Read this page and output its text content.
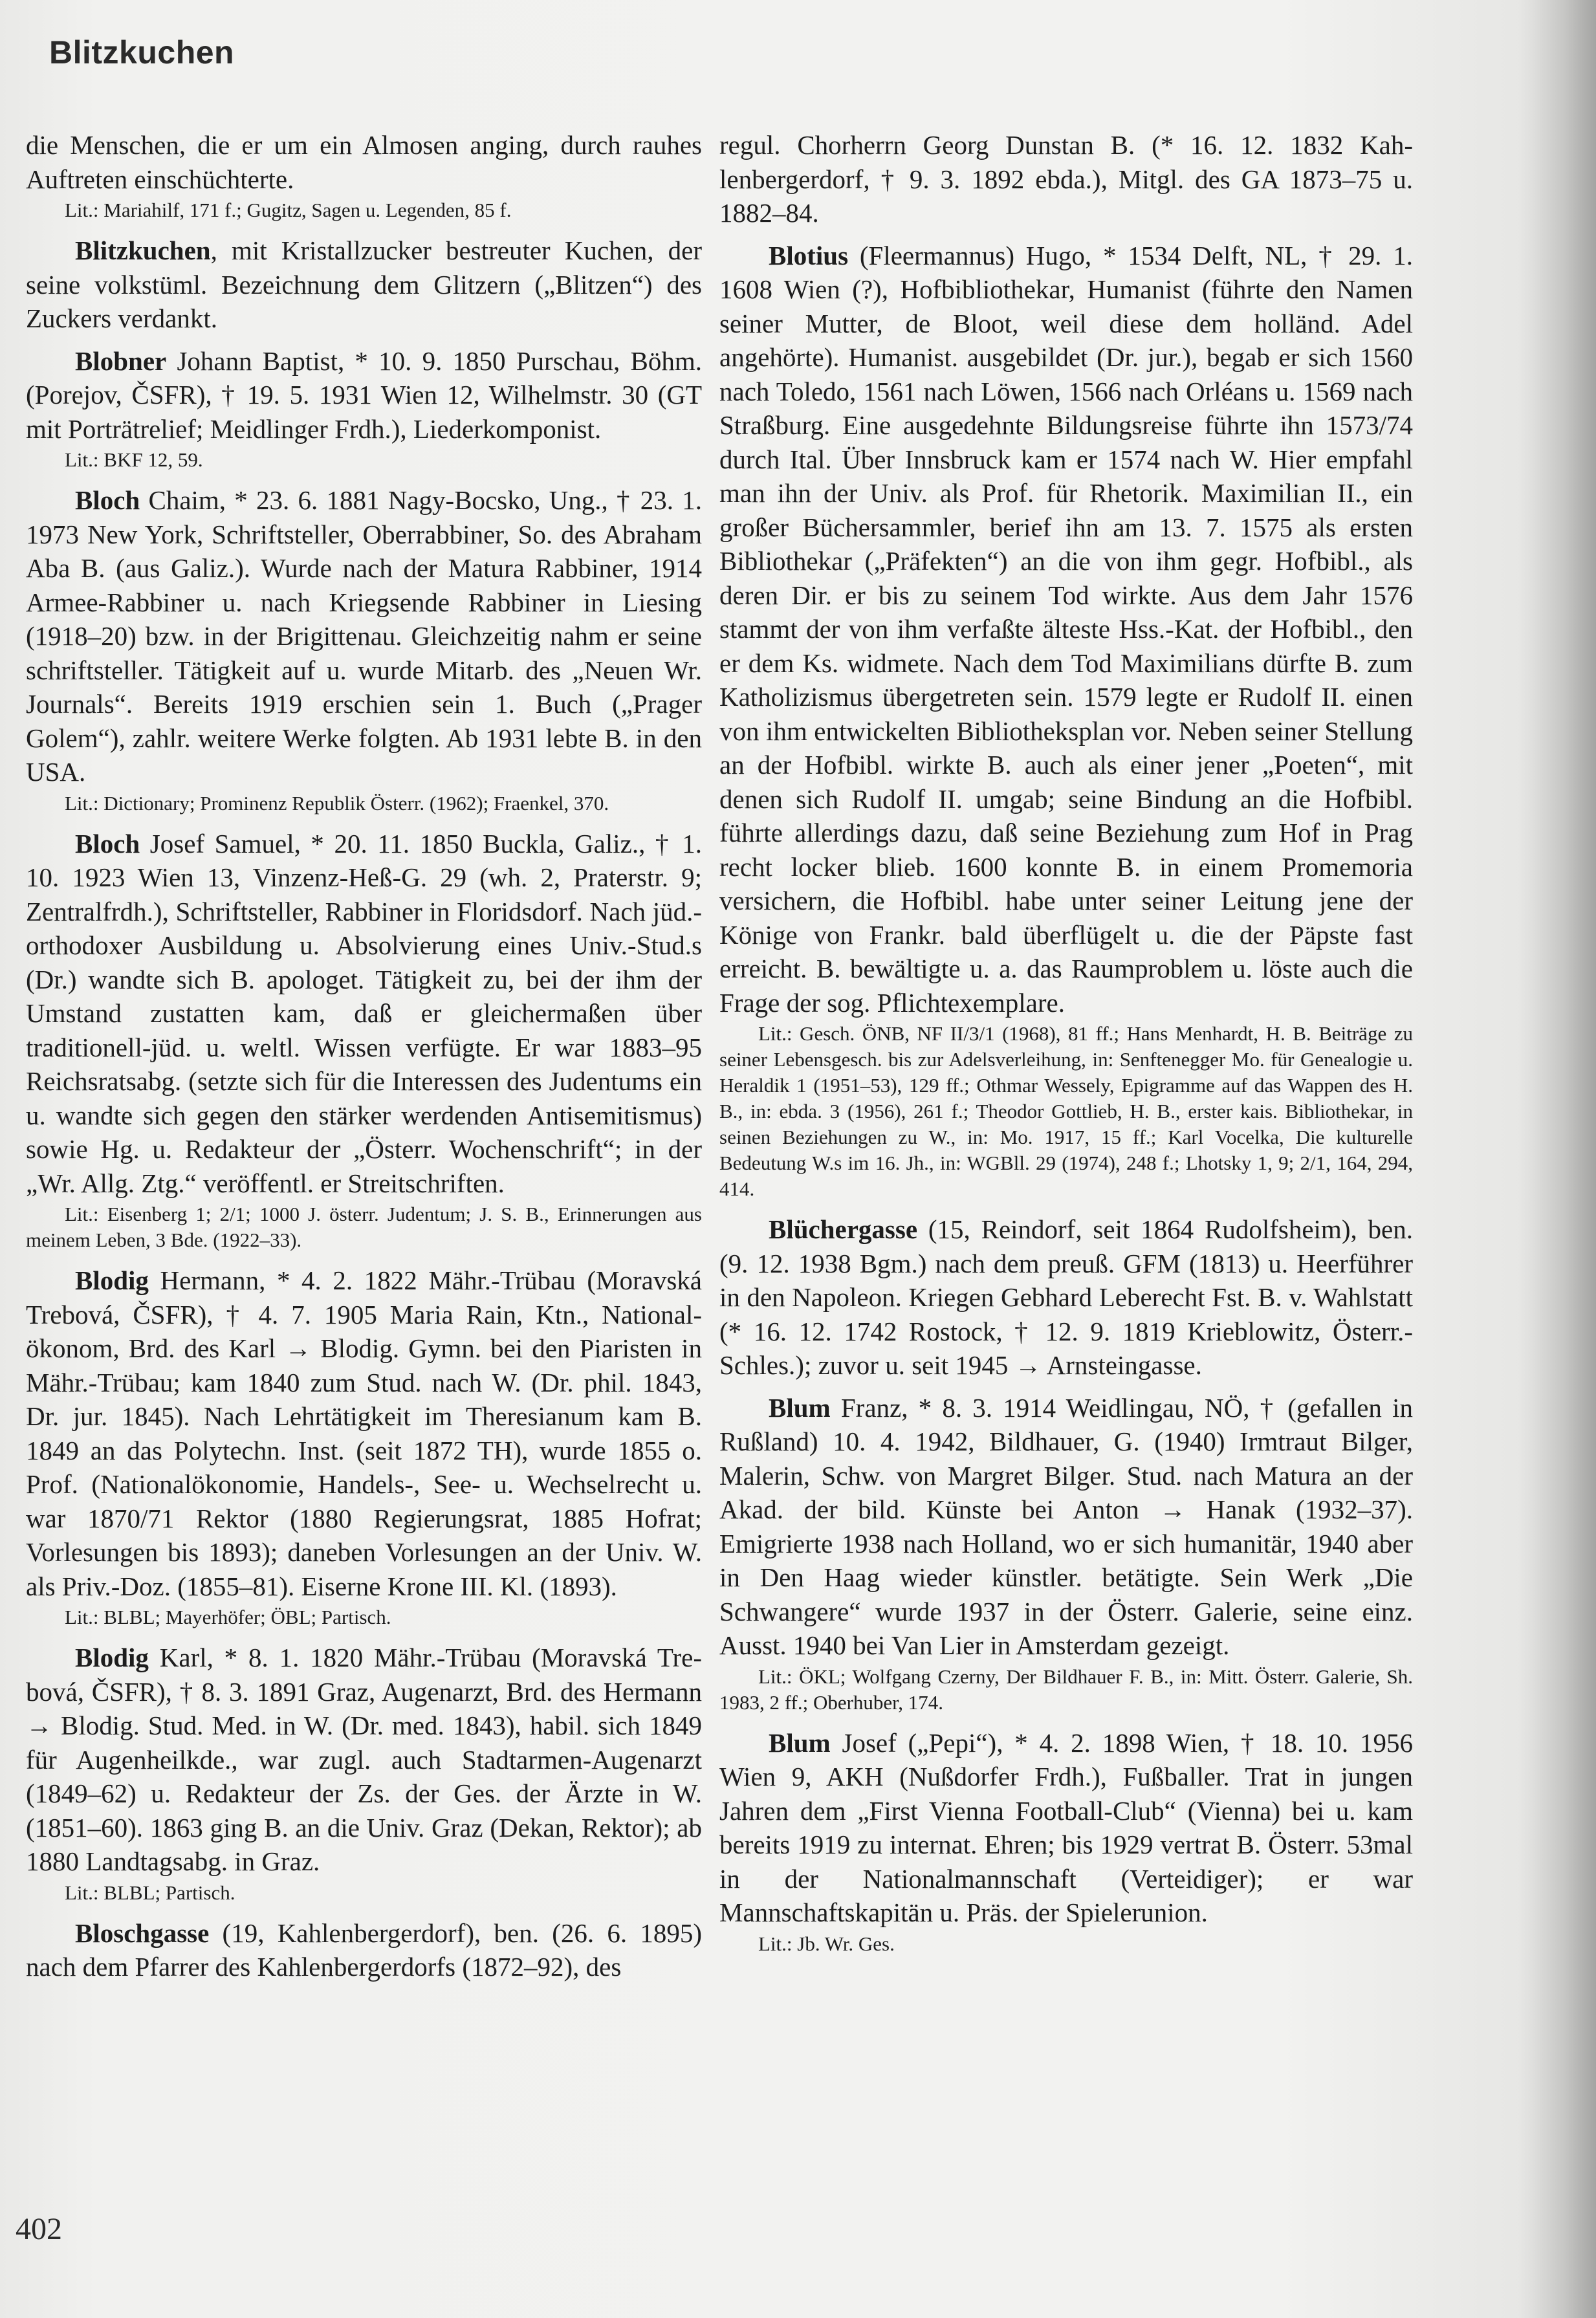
Blitzkuchen

die Menschen, die er um ein Almosen anging, durch rauhes Auftreten einschüchterte.

Lit.: Mariahilf, 171 f.; Gugitz, Sagen u. Legenden, 85 f.

Blitzkuchen, mit Kristallzucker bestreuter Kuchen, der seine volkstüml. Bezeichnung dem Glitzern („Blitzen“) des Zuckers verdankt.

Blobner Johann Baptist, * 10. 9. 1850 Purschau, Böhm. (Porejov, ČSFR), † 19. 5. 1931 Wien 12, Wilhelmstr. 30 (GT mit Porträtrelief; Meidlinger Frdh.), Liederkomponist.

Lit.: BKF 12, 59.

Bloch Chaim, * 23. 6. 1881 Nagy-Bocsko, Ung., † 23. 1. 1973 New York, Schriftsteller, Oberrabbiner, So. des Abraham Aba B. (aus Galiz.). Wurde nach der Matura Rabbiner, 1914 Armee-Rabbiner u. nach Kriegsende Rabbiner in Liesing (1918–20) bzw. in der Brigittenau. Gleichzeitig nahm er seine schriftsteller. Tätigkeit auf u. wurde Mitarb. des „Neuen Wr. Journals“. Bereits 1919 erschien sein 1. Buch („Prager Golem“), zahlr. weitere Werke folgten. Ab 1931 lebte B. in den USA.

Lit.: Dictionary; Prominenz Republik Österr. (1962); Fraenkel, 370.

Bloch Josef Samuel, * 20. 11. 1850 Buckla, Galiz., † 1. 10. 1923 Wien 13, Vinzenz-Heß-G. 29 (wh. 2, Praterstr. 9; Zentralfrdh.), Schriftsteller, Rabbiner in Floridsdorf. Nach jüd.-orthodoxer Ausbildung u. Absolvierung eines Univ.-Stud.s (Dr.) wandte sich B. apologet. Tätigkeit zu, bei der ihm der Umstand zustatten kam, daß er gleichermaßen über traditionell-jüd. u. weltl. Wissen verfügte. Er war 1883–95 Reichsratsabg. (setzte sich für die Interessen des Judentums ein u. wandte sich gegen den stärker werdenden Antisemitismus) sowie Hg. u. Redakteur der „Österr. Wochenschrift“; in der „Wr. Allg. Ztg.“ veröffentl. er Streitschriften.

Lit.: Eisenberg 1; 2/1; 1000 J. österr. Judentum; J. S. B., Erinnerungen aus meinem Leben, 3 Bde. (1922–33).

Blodig Hermann, * 4. 2. 1822 Mähr.-Trübau (Moravská Trebová, ČSFR), † 4. 7. 1905 Maria Rain, Ktn., Nationalökonom, Brd. des Karl → Blodig. Gymn. bei den Piaristen in Mähr.-Trübau; kam 1840 zum Stud. nach W. (Dr. phil. 1843, Dr. jur. 1845). Nach Lehrtätigkeit im Theresianum kam B. 1849 an das Polytechn. Inst. (seit 1872 TH), wurde 1855 o. Prof. (Nationalökonomie, Handels-, See- u. Wechselrecht u. war 1870/71 Rektor (1880 Regierungsrat, 1885 Hofrat; Vorlesungen bis 1893); daneben Vorlesungen an der Univ. W. als Priv.-Doz. (1855–81). Eiserne Krone III. Kl. (1893).

Lit.: BLBL; Mayerhöfer; ÖBL; Partisch.

Blodig Karl, * 8. 1. 1820 Mähr.-Trübau (Moravská Trebová, ČSFR), † 8. 3. 1891 Graz, Augenarzt, Brd. des Hermann → Blodig. Stud. Med. in W. (Dr. med. 1843), habil. sich 1849 für Augenheilkde., war zugl. auch Stadtarmen-Augenarzt (1849–62) u. Redakteur der Zs. der Ges. der Ärzte in W. (1851–60). 1863 ging B. an die Univ. Graz (Dekan, Rektor); ab 1880 Landtagsabg. in Graz.

Lit.: BLBL; Partisch.

Bloschgasse (19, Kahlenbergerdorf), ben. (26. 6. 1895) nach dem Pfarrer des Kahlenbergerdorfs (1872–92), des

regul. Chorherrn Georg Dunstan B. (* 16. 12. 1832 Kahlenbergerdorf, † 9. 3. 1892 ebda.), Mitgl. des GA 1873–75 u. 1882–84.

Blotius (Fleermannus) Hugo, * 1534 Delft, NL, † 29. 1. 1608 Wien (?), Hofbibliothekar, Humanist (führte den Namen seiner Mutter, de Bloot, weil diese dem holländ. Adel angehörte). Humanist. ausgebildet (Dr. jur.), begab er sich 1560 nach Toledo, 1561 nach Löwen, 1566 nach Orléans u. 1569 nach Straßburg. Eine ausgedehnte Bildungsreise führte ihn 1573/74 durch Ital. Über Innsbruck kam er 1574 nach W. Hier empfahl man ihn der Univ. als Prof. für Rhetorik. Maximilian II., ein großer Büchersammler, berief ihn am 13. 7. 1575 als ersten Bibliothekar („Präfekten“) an die von ihm gegr. Hofbibl., als deren Dir. er bis zu seinem Tod wirkte. Aus dem Jahr 1576 stammt der von ihm verfaßte älteste Hss.-Kat. der Hofbibl., den er dem Ks. widmete. Nach dem Tod Maximilians dürfte B. zum Katholizismus übergetreten sein. 1579 legte er Rudolf II. einen von ihm entwickelten Bibliotheksplan vor. Neben seiner Stellung an der Hofbibl. wirkte B. auch als einer jener „Poeten“, mit denen sich Rudolf II. umgab; seine Bindung an die Hofbibl. führte allerdings dazu, daß seine Beziehung zum Hof in Prag recht locker blieb. 1600 konnte B. in einem Promemoria versichern, die Hofbibl. habe unter seiner Leitung jene der Könige von Frankr. bald überflügelt u. die der Päpste fast erreicht. B. bewältigte u. a. das Raumproblem u. löste auch die Frage der sog. Pflichtexemplare.

Lit.: Gesch. ÖNB, NF II/3/1 (1968), 81 ff.; Hans Menhardt, H. B. Beiträge zu seiner Lebensgesch. bis zur Adelsverleihung, in: Senftenegger Mo. für Genealogie u. Heraldik 1 (1951–53), 129 ff.; Othmar Wessely, Epigramme auf das Wappen des H. B., in: ebda. 3 (1956), 261 f.; Theodor Gottlieb, H. B., erster kais. Bibliothekar, in seinen Beziehungen zu W., in: Mo. 1917, 15 ff.; Karl Vocelka, Die kulturelle Bedeutung W.s im 16. Jh., in: WGBll. 29 (1974), 248 f.; Lhotsky 1, 9; 2/1, 164, 294, 414.

Blüchergasse (15, Reindorf, seit 1864 Rudolfsheim), ben. (9. 12. 1938 Bgm.) nach dem preuß. GFM (1813) u. Heerführer in den Napoleon. Kriegen Gebhard Leberecht Fst. B. v. Wahlstatt (* 16. 12. 1742 Rostock, † 12. 9. 1819 Krieblowitz, Österr.-Schles.); zuvor u. seit 1945 → Arnsteingasse.

Blum Franz, * 8. 3. 1914 Weidlingau, NÖ, † (gefallen in Rußland) 10. 4. 1942, Bildhauer, G. (1940) Irmtraut Bilger, Malerin, Schw. von Margret Bilger. Stud. nach Matura an der Akad. der bild. Künste bei Anton → Hanak (1932–37). Emigrierte 1938 nach Holland, wo er sich humanitär, 1940 aber in Den Haag wieder künstler. betätigte. Sein Werk „Die Schwangere“ wurde 1937 in der Österr. Galerie, seine einz. Ausst. 1940 bei Van Lier in Amsterdam gezeigt.

Lit.: ÖKL; Wolfgang Czerny, Der Bildhauer F. B., in: Mitt. Österr. Galerie, Sh. 1983, 2 ff.; Oberhuber, 174.

Blum Josef („Pepi“), * 4. 2. 1898 Wien, † 18. 10. 1956 Wien 9, AKH (Nußdorfer Frdh.), Fußballer. Trat in jungen Jahren dem „First Vienna Football-Club“ (Vienna) bei u. kam bereits 1919 zu internat. Ehren; bis 1929 vertrat B. Österr. 53mal in der Nationalmannschaft (Verteidiger); er war Mannschaftskapitän u. Präs. der Spielerunion.

Lit.: Jb. Wr. Ges.
402
